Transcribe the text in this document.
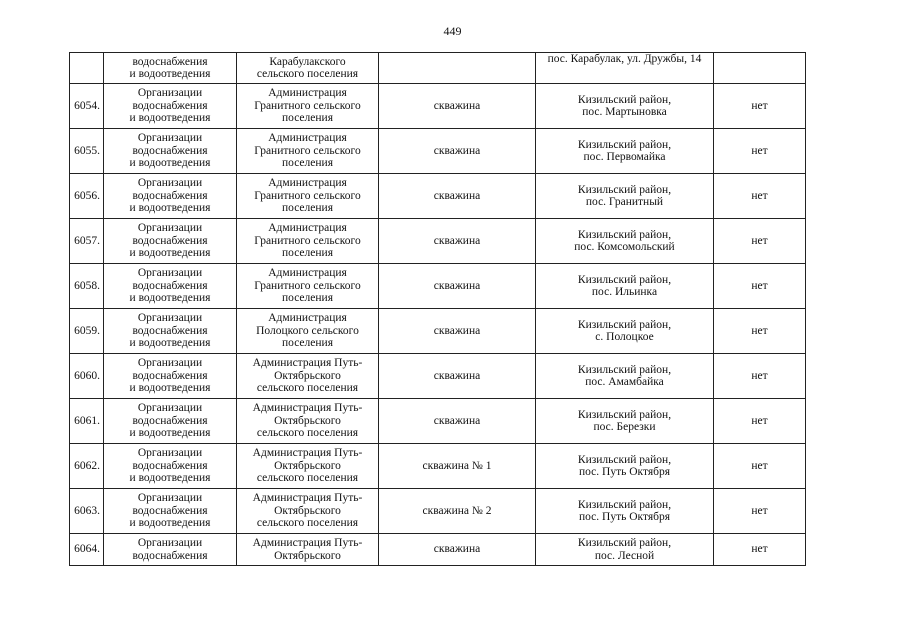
449

	водоснабжения
и водоотведения	Карабулакского
сельского поселения		пос. Карабулак, ул. Дружбы, 14	

6054.	Организации
водоснабжения
и водоотведения	Администрация
Гранитного сельского
поселения	скважина	Кизильский район,
пос. Мартыновка	нет
6055.	Организации
водоснабжения
и водоотведения	Администрация
Гранитного сельского
поселения	скважина	Кизильский район,
пос. Первомайка	нет
6056.	Организации
водоснабжения
и водоотведения	Администрация
Гранитного сельского
поселения	скважина	Кизильский район,
пос. Гранитный	нет
6057.	Организации
водоснабжения
и водоотведения	Администрация
Гранитного сельского
поселения	скважина	Кизильский район,
пос. Комсомольский	нет
6058.	Организации
водоснабжения
и водоотведения	Администрация
Гранитного сельского
поселения	скважина	Кизильский район,
пос. Ильинка	нет
6059.	Организации
водоснабжения
и водоотведения	Администрация
Полоцкого сельского
поселения	скважина	Кизильский район,
с. Полоцкое	нет
6060.	Организации
водоснабжения
и водоотведения	Администрация Путь-
Октябрьского
сельского поселения	скважина	Кизильский район,
пос. Амамбайка	нет
6061.	Организации
водоснабжения
и водоотведения	Администрация Путь-
Октябрьского
сельского поселения	скважина	Кизильский район,
пос. Березки	нет
6062.	Организации
водоснабжения
и водоотведения	Администрация Путь-
Октябрьского
сельского поселения	скважина № 1	Кизильский район,
пос. Путь Октября	нет
6063.	Организации
водоснабжения
и водоотведения	Администрация Путь-
Октябрьского
сельского поселения	скважина № 2	Кизильский район,
пос. Путь Октября	нет
6064.	Организации
водоснабжения	Администрация Путь-
Октябрьского	скважина	Кизильский район,
пос. Лесной	нет
